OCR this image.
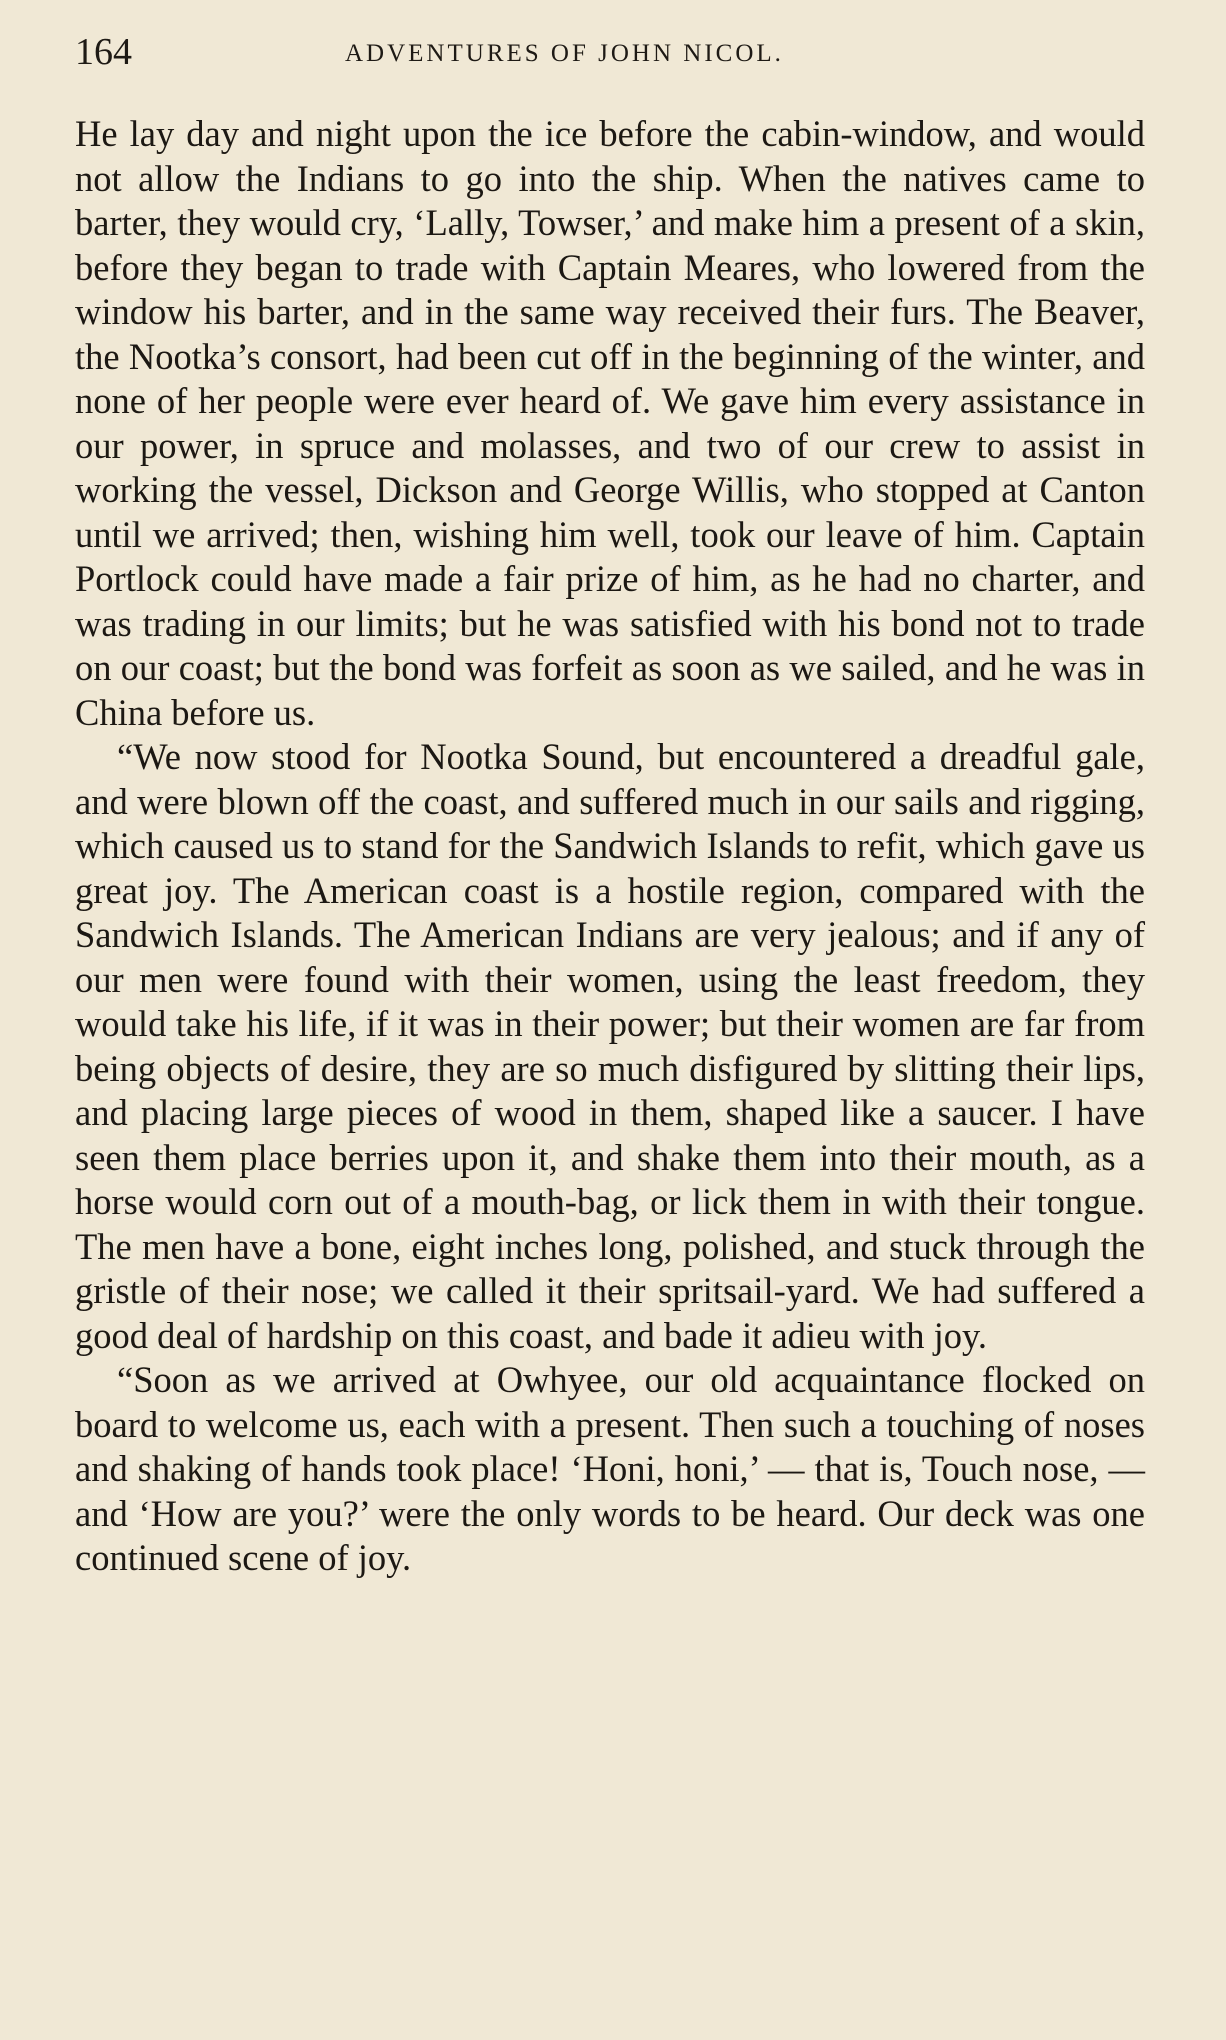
164	ADVENTURES OF JOHN NICOL.

He lay day and night upon the ice before the cabin-window, and would not allow the Indians to go into the ship. When the natives came to barter, they would cry, ‘Lally, Towser,’ and make him a present of a skin, before they began to trade with Captain Meares, who lowered from the window his barter, and in the same way received their furs. The Beaver, the Nootka’s consort, had been cut off in the beginning of the winter, and none of her people were ever heard of. We gave him every assistance in our power, in spruce and molasses, and two of our crew to assist in working the vessel, Dickson and George Willis, who stopped at Canton until we arrived; then, wishing him well, took our leave of him. Captain Portlock could have made a fair prize of him, as he had no charter, and was trading in our limits; but he was satisfied with his bond not to trade on our coast; but the bond was forfeit as soon as we sailed, and he was in China before us.

“We now stood for Nootka Sound, but encountered a dreadful gale, and were blown off the coast, and suffered much in our sails and rigging, which caused us to stand for the Sandwich Islands to refit, which gave us great joy. The American coast is a hostile region, compared with the Sandwich Islands. The American Indians are very jealous; and if any of our men were found with their women, using the least freedom, they would take his life, if it was in their power; but their women are far from being objects of desire, they are so much disfigured by slitting their lips, and placing large pieces of wood in them, shaped like a saucer. I have seen them place berries upon it, and shake them into their mouth, as a horse would corn out of a mouth-bag, or lick them in with their tongue. The men have a bone, eight inches long, polished, and stuck through the gristle of their nose; we called it their spritsail-yard. We had suffered a good deal of hardship on this coast, and bade it adieu with joy.

“Soon as we arrived at Owhyee, our old acquaintance flocked on board to welcome us, each with a present. Then such a touching of noses and shaking of hands took place! ‘Honi, honi,’ — that is, Touch nose, — and ‘How are you?’ were the only words to be heard. Our deck was one continued scene of joy.
